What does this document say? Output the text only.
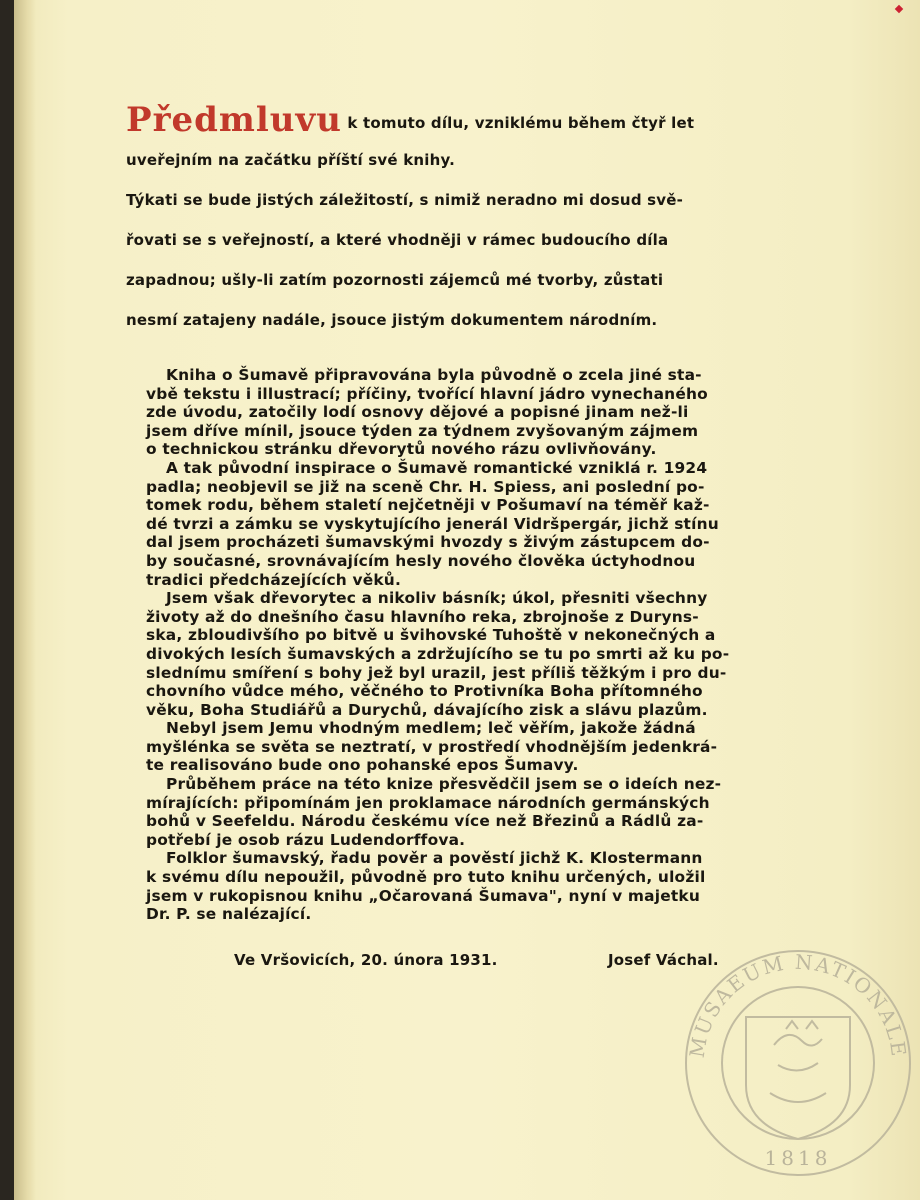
Předmluvu k tomuto dílu, vzniklému během čtyř let

uveřejním na začátku příští své knihy.

Týkati se bude jistých záležitostí, s nimiž neradno mi dosud svě-

řovati se s veřejností, a které vhodněji v rámec budoucího díla

zapadnou; ušly-li zatím pozornosti zájemců mé tvorby, zůstati

nesmí zatajeny nadále, jsouce jistým dokumentem národním.

Kniha o Šumavě připravována byla původně o zcela jiné sta-

vbě tekstu i illustrací; příčiny, tvořící hlavní jádro vynechaného

zde úvodu, zatočily lodí osnovy dějové a popisné jinam než-li

jsem dříve mínil, jsouce týden za týdnem zvyšovaným zájmem

o technickou stránku dřevorytů nového rázu ovlivňovány.

A tak původní inspirace o Šumavě romantické vzniklá r. 1924

padla; neobjevil se již na sceně Chr. H. Spiess, ani poslední po-

tomek rodu, během staletí nejčetněji v Pošumaví na téměř kaž-

dé tvrzi a zámku se vyskytujícího jenerál Vidršpergár, jichž stínu

dal jsem procházeti šumavskými hvozdy s živým zástupcem do-

by současné, srovnávajícím hesly nového člověka úctyhodnou

tradici předcházejících věků.

Jsem však dřevorytec a nikoliv básník; úkol, přesniti všechny

životy až do dnešního času hlavního reka, zbrojnoše z Duryns-

ska, zbloudivšího po bitvě u švihovské Tuhoště v nekonečných a

divokých lesích šumavských a zdržujícího se tu po smrti až ku po-

slednímu smíření s bohy jež byl urazil, jest příliš těžkým i pro du-

chovního vůdce mého, věčného to Protivníka Boha přítomného

věku, Boha Studiářů a Durychů, dávajícího zisk a slávu plazům.

Nebyl jsem Jemu vhodným medlem; leč věřím, jakože žádná

myšlénka se světa se neztratí, v prostředí vhodnějším jedenkrá-

te realisováno bude ono pohanské epos Šumavy.

Průběhem práce na této knize přesvědčil jsem se o ideích nez-

mírajících: připomínám jen proklamace národních germánských

bohů v Seefeldu. Národu českému více než Březinů a Rádlů za-

potřebí je osob rázu Ludendorffova.

Folklor šumavský, řadu pověr a pověstí jichž K. Klostermann

k svému dílu nepoužil, původně pro tuto knihu určených, uložil

jsem v rukopisnou knihu „Očarovaná Šumava", nyní v majetku

Dr. P. se nalézající.

Ve Vršovicích, 20. února 1931.	Josef Váchal.
MUSAEUM NATIONALE
1818
